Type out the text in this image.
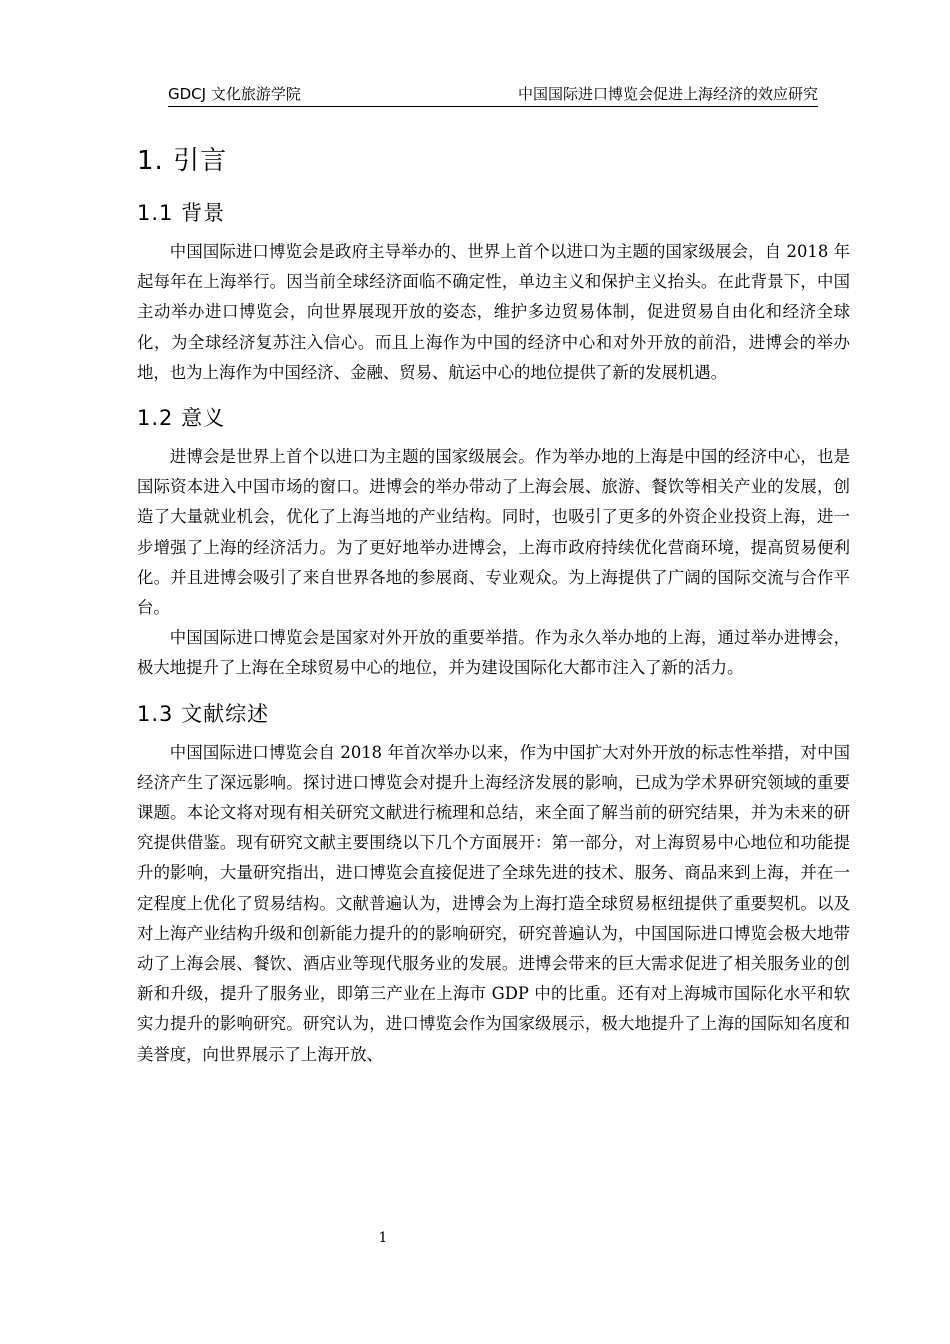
GDCJ 文化旅游学院	中国国际进口博览会促进上海经济的效应研究
1. 引言
1.1 背景

中国国际进口博览会是政府主导举办的、世界上首个以进口为主题的国家级展会，自 2018 年起每年在上海举行。因当前全球经济面临不确定性，单边主义和保护主义抬头。在此背景下，中国主动举办进口博览会，向世界展现开放的姿态，维护多边贸易体制，促进贸易自由化和经济全球化，为全球经济复苏注入信心。而且上海作为中国的经济中心和对外开放的前沿，进博会的举办地，也为上海作为中国经济、金融、贸易、航运中心的地位提供了新的发展机遇。

1.2 意义

进博会是世界上首个以进口为主题的国家级展会。作为举办地的上海是中国的经济中心，也是国际资本进入中国市场的窗口。进博会的举办带动了上海会展、旅游、餐饮等相关产业的发展，创造了大量就业机会，优化了上海当地的产业结构。同时，也吸引了更多的外资企业投资上海，进一步增强了上海的经济活力。为了更好地举办进博会，上海市政府持续优化营商环境，提高贸易便利化。并且进博会吸引了来自世界各地的参展商、专业观众。为上海提供了广阔的国际交流与合作平台。

中国国际进口博览会是国家对外开放的重要举措。作为永久举办地的上海，通过举办进博会，极大地提升了上海在全球贸易中心的地位，并为建设国际化大都市注入了新的活力。

1.3 文献综述

中国国际进口博览会自 2018 年首次举办以来，作为中国扩大对外开放的标志性举措，对中国经济产生了深远影响。探讨进口博览会对提升上海经济发展的影响，已成为学术界研究领域的重要课题。本论文将对现有相关研究文献进行梳理和总结，来全面了解当前的研究结果，并为未来的研究提供借鉴。现有研究文献主要围绕以下几个方面展开：第一部分，对上海贸易中心地位和功能提升的影响，大量研究指出，进口博览会直接促进了全球先进的技术、服务、商品来到上海，并在一定程度上优化了贸易结构。文献普遍认为，进博会为上海打造全球贸易枢纽提供了重要契机。以及对上海产业结构升级和创新能力提升的的影响研究，研究普遍认为，中国国际进口博览会极大地带动了上海会展、餐饮、酒店业等现代服务业的发展。进博会带来的巨大需求促进了相关服务业的创新和升级，提升了服务业，即第三产业在上海市 GDP 中的比重。还有对上海城市国际化水平和软实力提升的影响研究。研究认为，进口博览会作为国家级展示，极大地提升了上海的国际知名度和美誉度，向世界展示了上海开放、

1
